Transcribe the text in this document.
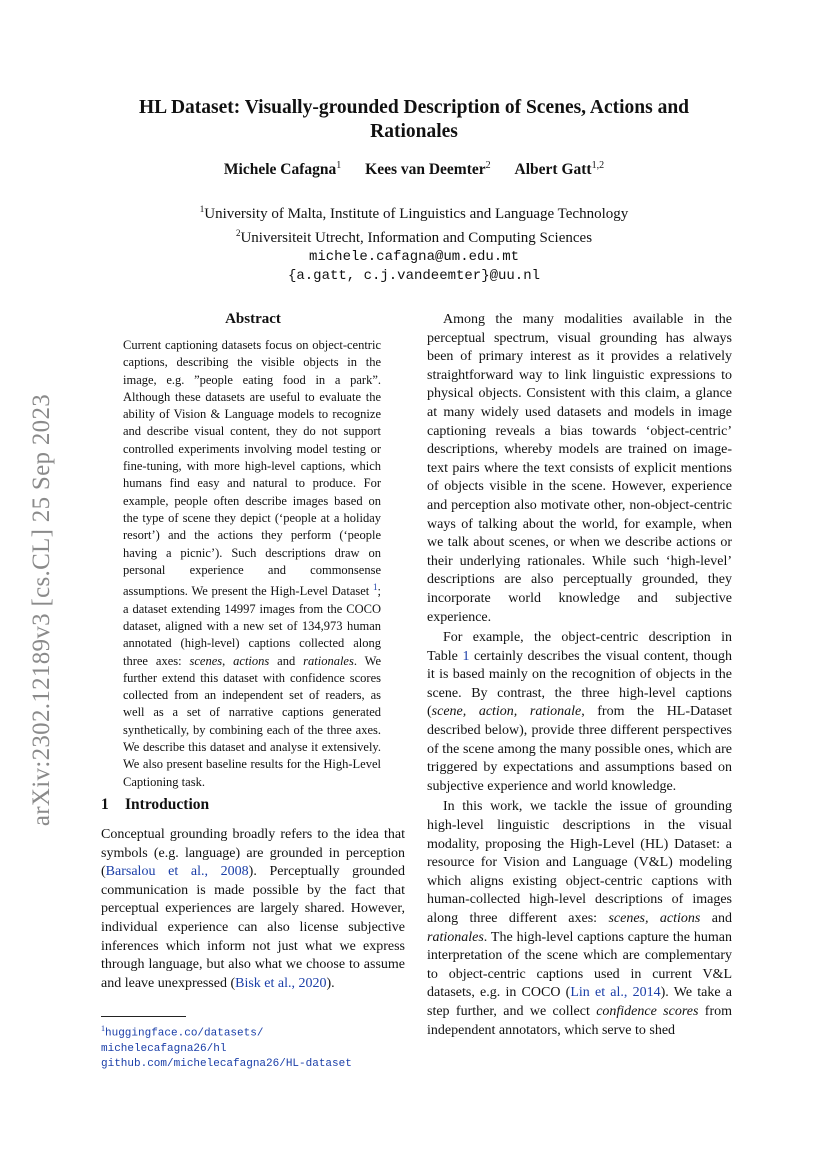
arXiv:2302.12189v3 [cs.CL] 25 Sep 2023
HL Dataset: Visually-grounded Description of Scenes, Actions and Rationales
Michele Cafagna$^1$ Kees van Deemter$^2$ Albert Gatt$^{1,2}$
$^1$University of Malta, Institute of Linguistics and Language Technology
$^2$Universiteit Utrecht, Information and Computing Sciences
michele.cafagna@um.edu.mt
{a.gatt, c.j.vandeemter}@uu.nl
Abstract
Current captioning datasets focus on object-centric captions, describing the visible objects in the image, e.g. ”people eating food in a park”. Although these datasets are useful to evaluate the ability of Vision & Language models to recognize and describe visual content, they do not support controlled experiments involving model testing or fine-tuning, with more high-level captions, which humans find easy and natural to produce. For example, people often describe images based on the type of scene they depict (‘people at a holiday resort’) and the actions they perform (‘people having a picnic’). Such descriptions draw on personal experience and commonsense assumptions. We present the High-Level Dataset $^1$; a dataset extending 14997 images from the COCO dataset, aligned with a new set of 134,973 human annotated (high-level) captions collected along three axes: scenes, actions and rationales. We further extend this dataset with confidence scores collected from an independent set of readers, as well as a set of narrative captions generated synthetically, by combining each of the three axes. We describe this dataset and analyse it extensively. We also present baseline results for the High-Level Captioning task.
1 Introduction

Conceptual grounding broadly refers to the idea that symbols (e.g. language) are grounded in perception (Barsalou et al., 2008). Perceptually grounded communication is made possible by the fact that perceptual experiences are largely shared. However, individual experience can also license subjective inferences which inform not just what we express through language, but also what we choose to assume and leave unexpressed (Bisk et al., 2020).

$^1$huggingface.co/datasets/
michelecafagna26/hl
github.com/michelecafagna26/HL-dataset

Among the many modalities available in the perceptual spectrum, visual grounding has always been of primary interest as it provides a relatively straightforward way to link linguistic expressions to physical objects. Consistent with this claim, a glance at many widely used datasets and models in image captioning reveals a bias towards ‘object-centric’ descriptions, whereby models are trained on image-text pairs where the text consists of explicit mentions of objects visible in the scene. However, experience and perception also motivate other, non-object-centric ways of talking about the world, for example, when we talk about scenes, or when we describe actions or their underlying rationales. While such ‘high-level’ descriptions are also perceptually grounded, they incorporate world knowledge and subjective experience.

For example, the object-centric description in Table 1 certainly describes the visual content, though it is based mainly on the recognition of objects in the scene. By contrast, the three high-level captions (scene, action, rationale, from the HL-Dataset described below), provide three different perspectives of the scene among the many possible ones, which are triggered by expectations and assumptions based on subjective experience and world knowledge.

In this work, we tackle the issue of grounding high-level linguistic descriptions in the visual modality, proposing the High-Level (HL) Dataset: a resource for Vision and Language (V&L) modeling which aligns existing object-centric captions with human-collected high-level descriptions of images along three different axes: scenes, actions and rationales. The high-level captions capture the human interpretation of the scene which are complementary to object-centric captions used in current V&L datasets, e.g. in COCO (Lin et al., 2014). We take a step further, and we collect confidence scores from independent annotators, which serve to shed
